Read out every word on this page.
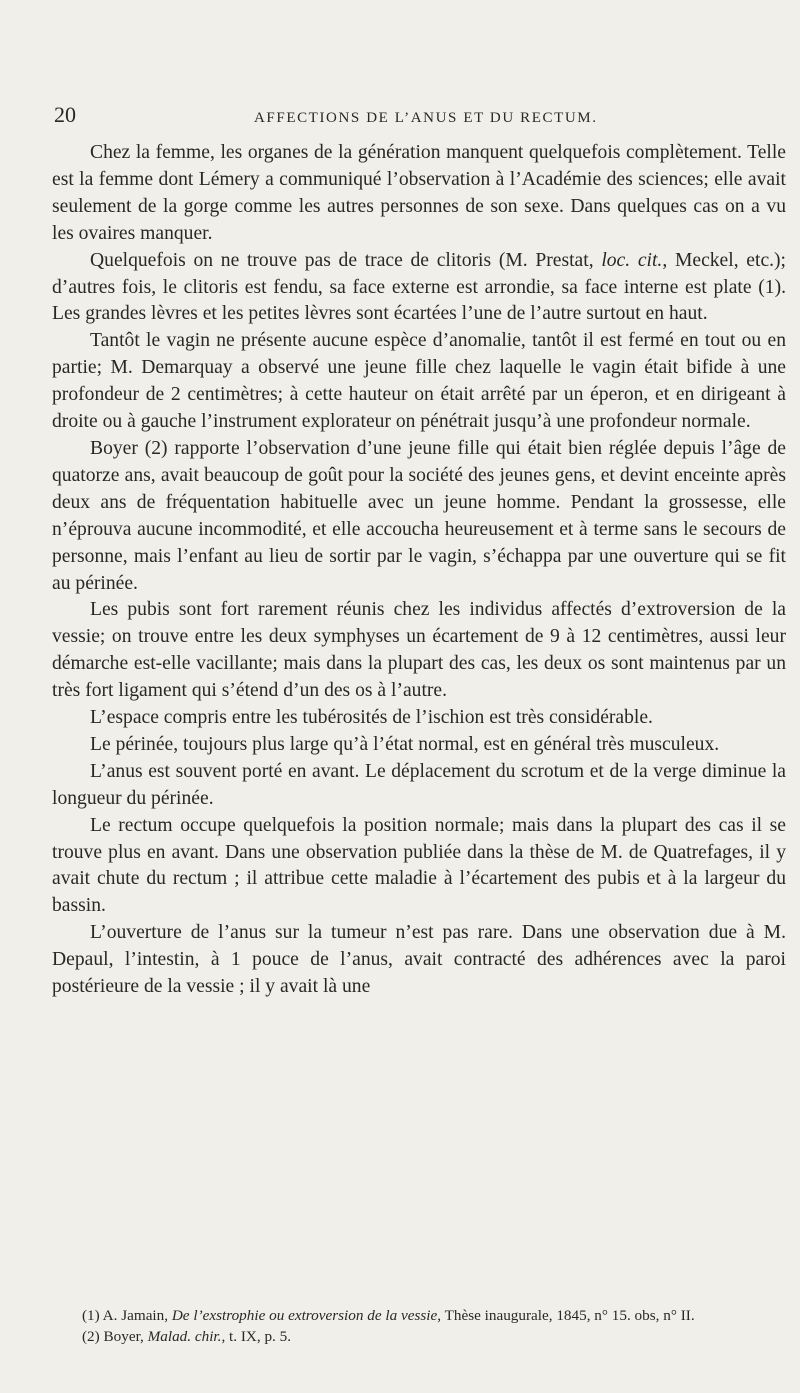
20	AFFECTIONS DE L’ANUS ET DU RECTUM.

Chez la femme, les organes de la génération manquent quelquefois complètement. Telle est la femme dont Lémery a communiqué l’observation à l’Académie des sciences; elle avait seulement de la gorge comme les autres personnes de son sexe. Dans quelques cas on a vu les ovaires manquer.

Quelquefois on ne trouve pas de trace de clitoris (M. Prestat, loc. cit., Meckel, etc.); d’autres fois, le clitoris est fendu, sa face externe est arrondie, sa face interne est plate (1). Les grandes lèvres et les petites lèvres sont écartées l’une de l’autre surtout en haut.

Tantôt le vagin ne présente aucune espèce d’anomalie, tantôt il est fermé en tout ou en partie; M. Demarquay a observé une jeune fille chez laquelle le vagin était bifide à une profondeur de 2 centimètres; à cette hauteur on était arrêté par un éperon, et en dirigeant à droite ou à gauche l’instrument explorateur on pénétrait jusqu’à une profondeur normale.

Boyer (2) rapporte l’observation d’une jeune fille qui était bien réglée depuis l’âge de quatorze ans, avait beaucoup de goût pour la société des jeunes gens, et devint enceinte après deux ans de fréquentation habituelle avec un jeune homme. Pendant la grossesse, elle n’éprouva aucune incommodité, et elle accoucha heureusement et à terme sans le secours de personne, mais l’enfant au lieu de sortir par le vagin, s’échappa par une ouverture qui se fit au périnée.

Les pubis sont fort rarement réunis chez les individus affectés d’extroversion de la vessie; on trouve entre les deux symphyses un écartement de 9 à 12 centimètres, aussi leur démarche est-elle vacillante; mais dans la plupart des cas, les deux os sont maintenus par un très fort ligament qui s’étend d’un des os à l’autre.

L’espace compris entre les tubérosités de l’ischion est très considérable.

Le périnée, toujours plus large qu’à l’état normal, est en général très musculeux.

L’anus est souvent porté en avant. Le déplacement du scrotum et de la verge diminue la longueur du périnée.

Le rectum occupe quelquefois la position normale; mais dans la plupart des cas il se trouve plus en avant. Dans une observation publiée dans la thèse de M. de Quatrefages, il y avait chute du rectum ; il attribue cette maladie à l’écartement des pubis et à la largeur du bassin.

L’ouverture de l’anus sur la tumeur n’est pas rare. Dans une observation due à M. Depaul, l’intestin, à 1 pouce de l’anus, avait contracté des adhérences avec la paroi postérieure de la vessie ; il y avait là une

(1) A. Jamain, De l’exstrophie ou extroversion de la vessie, Thèse inaugurale, 1845, n° 15. obs, n° II.

(2) Boyer, Malad. chir., t. IX, p. 5.
